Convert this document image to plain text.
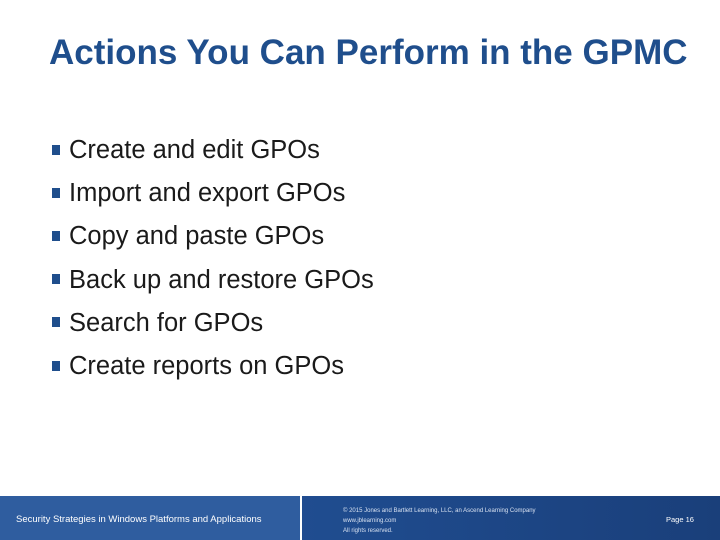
Actions You Can Perform in the GPMC
Create and edit GPOs
Import and export GPOs
Copy and paste GPOs
Back up and restore GPOs
Search for GPOs
Create reports on GPOs
Security Strategies in Windows Platforms and Applications
© 2015 Jones and Bartlett Learning, LLC, an Ascend Learning Company
www.jblearning.com
All rights reserved.
Page 16
